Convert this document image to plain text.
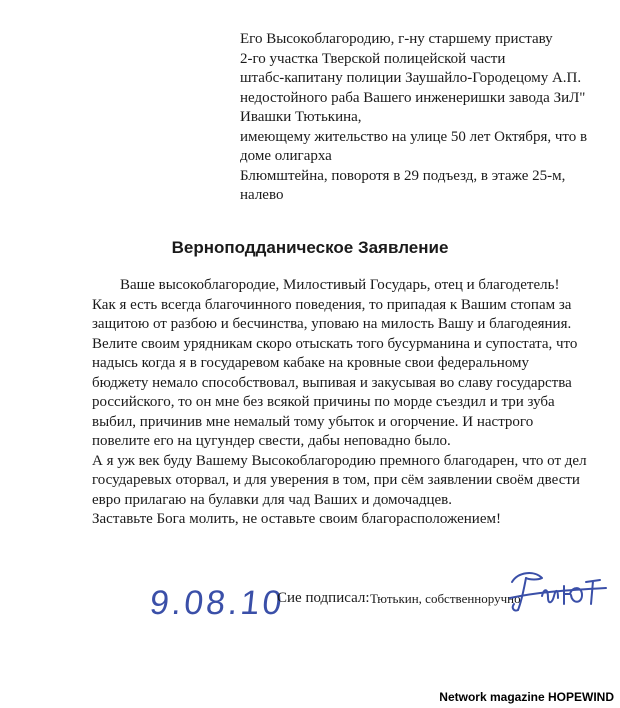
Его Высокоблагородию, г-ну старшему приставу
2-го участка Тверской полицейской части
штабс-капитану полиции Заушайло-Городецому А.П.
недостойного раба Вашего инженеришки завода ЗиЛ"
Ивашки Тютькина,
имеющему жительство на улице 50 лет Октября, что в
доме олигарха
Блюмштейна, поворотя в 29 подъезд, в этаже 25-м,
налево
Верноподданическое Заявление
Ваше высокоблагородие, Милостивый Государь, отец и благодетель!
Как я есть всегда благочинного поведения, то припадая к Вашим стопам за
защитою от разбою и бесчинства, уповаю на милость Вашу и благодеяния.
Велите своим урядникам скоро отыскать того бусурманина и супостата, что
надысь когда я в государевом кабаке на кровные свои федеральному
бюджету немало способствовал, выпивая и закусывая во славу государства
российского, то он мне без всякой причины по морде съездил и три зуба
выбил, причинив мне немалый тому убыток и огорчение. И настрого
повелите его на цугундер свести, дабы неповадно было.
А я уж век буду Вашему Высокоблагородию премного благодарен, что от дел
государевых оторвал, и для уверения в том, при сём заявлении своём двести
евро прилагаю на булавки для чад Ваших и домочадцев.
Заставьте Бога молить, не оставьте своим благорасположением!
9.08.10
Сие подписал: Тютькин, собственноручно
Network magazine HOPEWIND
